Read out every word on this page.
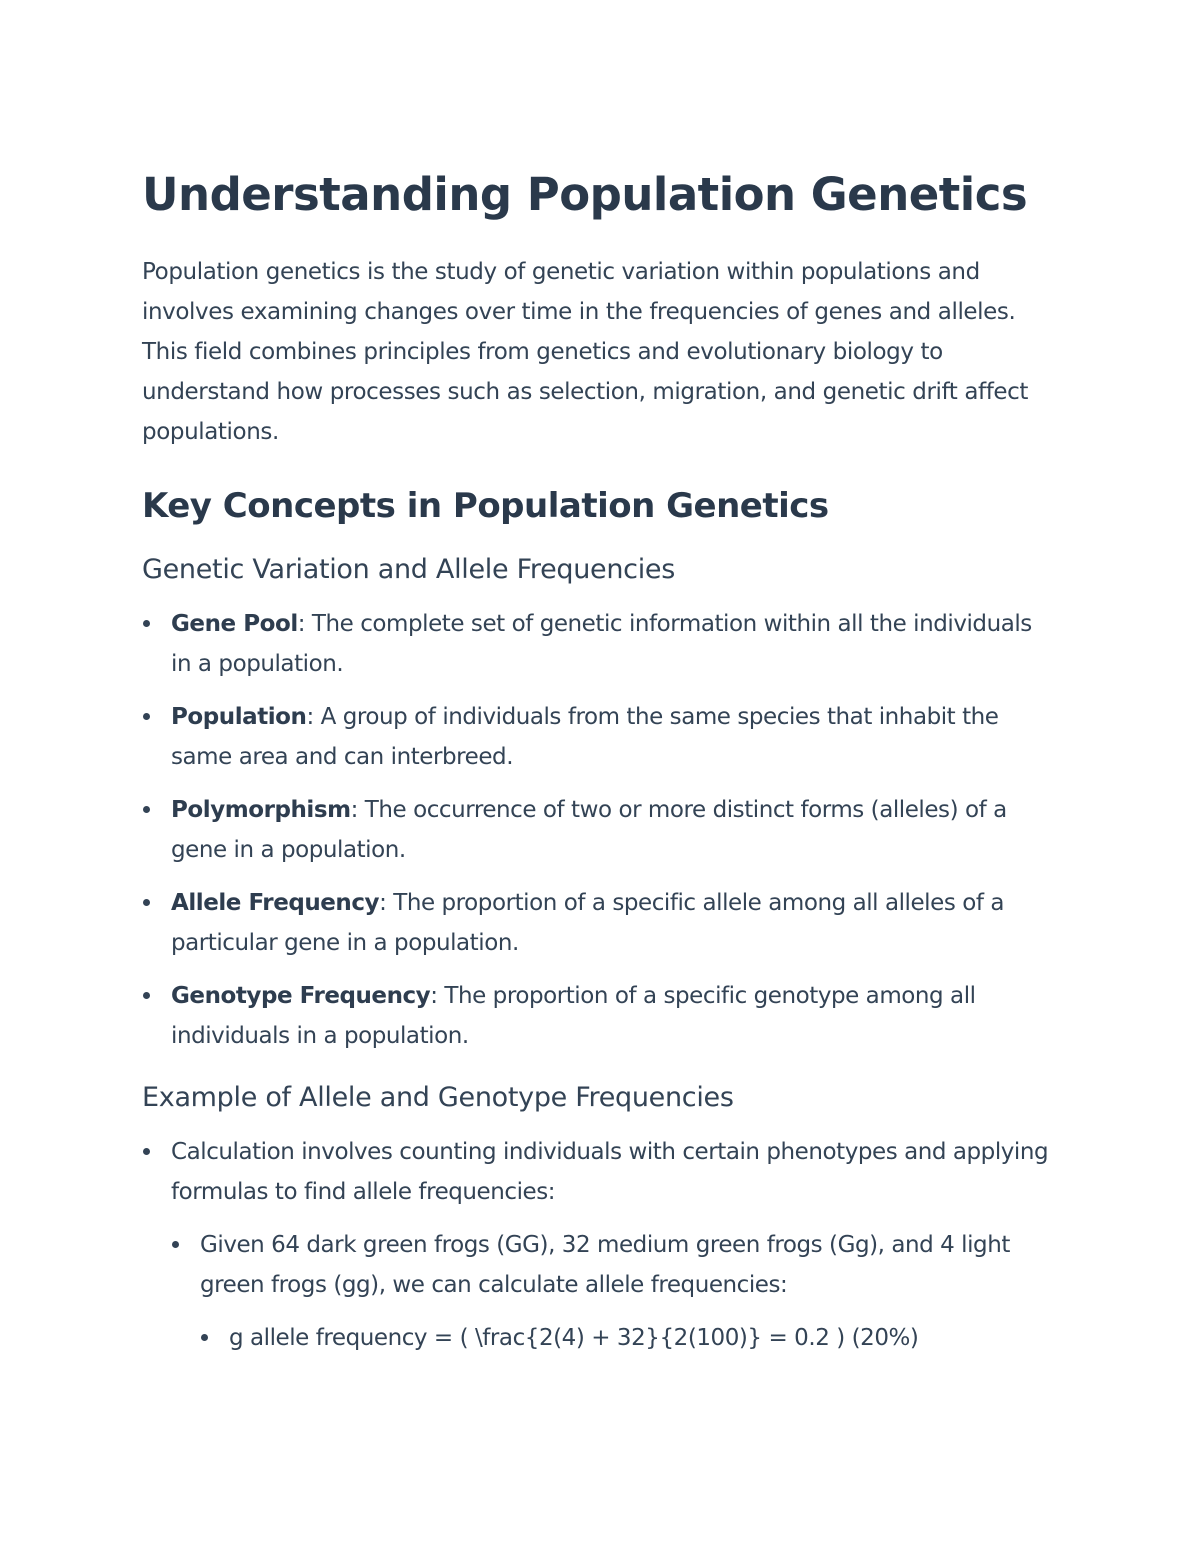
Understanding Population Genetics

Population genetics is the study of genetic variation within populations and involves examining changes over time in the frequencies of genes and alleles. This field combines principles from genetics and evolutionary biology to understand how processes such as selection, migration, and genetic drift affect populations.

Key Concepts in Population Genetics
Genetic Variation and Allele Frequencies
Gene Pool: The complete set of genetic information within all the individuals in a population.
Population: A group of individuals from the same species that inhabit the same area and can interbreed.
Polymorphism: The occurrence of two or more distinct forms (alleles) of a gene in a population.
Allele Frequency: The proportion of a specific allele among all alleles of a particular gene in a population.
Genotype Frequency: The proportion of a specific genotype among all individuals in a population.
Example of Allele and Genotype Frequencies
Calculation involves counting individuals with certain phenotypes and applying formulas to find allele frequencies:
Given 64 dark green frogs (GG), 32 medium green frogs (Gg), and 4 light green frogs (gg), we can calculate allele frequencies:
g allele frequency = ( \frac{2(4) + 32}{2(100)} = 0.2 ) (20%)
